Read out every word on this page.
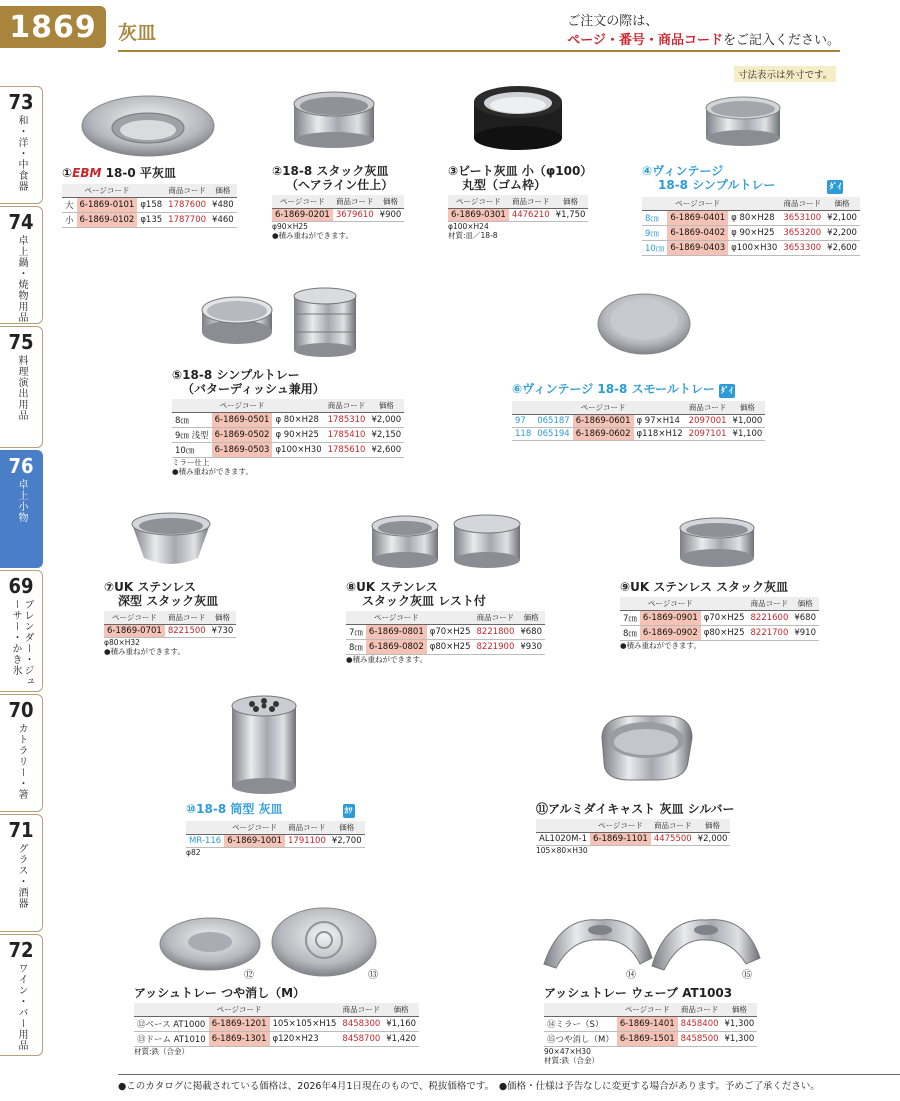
1869	灰皿
ご注文の際は、
ページ・番号・商品コードをご記入ください。
寸法表示は外寸です。
73
和・洋・中食器
74
卓上鍋・焼物用品
75
料理演出用品
76
卓上小物
69
ブレンダー・ジューサー・かき氷
70
カトラリー・箸
71
グラス・酒器
72
ワイン・バー用品
①EBM 18-0 平灰皿
	ページコード		商品コード	価格
大	6-1869-0101	φ158	1787600	¥480
小	6-1869-0102	φ135	1787700	¥460
②18-8 スタック灰皿
（ヘアライン仕上）
ページコード	商品コード	価格
6-1869-0201	3679610	¥900
φ90×H25
●積み重ねができます。
③ビート灰皿 小（φ100）
丸型（ゴム枠）
ページコード	商品コード	価格
6-1869-0301	4476210	¥1,750
φ100×H24
材質:皿／18-8
④ヴィンテージ
18-8 シンプルトレー	ﾀﾞｲ
	ページコード		商品コード	価格
8㎝	6-1869-0401	φ 80×H28	3653100	¥2,100
9㎝	6-1869-0402	φ 90×H25	3653200	¥2,200
10㎝	6-1869-0403	φ100×H30	3653300	¥2,600
⑤18-8 シンプルトレー
（バターディッシュ兼用）
	ページコード		商品コード	価格
8㎝	6-1869-0501	φ 80×H28	1785310	¥2,000
9㎝ 浅型	6-1869-0502	φ 90×H25	1785410	¥2,150
10㎝	6-1869-0503	φ100×H30	1785610	¥2,600
ミラー仕上
●積み重ねができます。
⑥ヴィンテージ 18-8 スモールトレー ﾀﾞｲ
		ページコード		商品コード	価格
97	065187	6-1869-0601	φ 97×H14	2097001	¥1,000
118	065194	6-1869-0602	φ118×H12	2097101	¥1,100
⑦UK ステンレス
深型 スタック灰皿
ページコード	商品コード	価格
6-1869-0701	8221500	¥730
φ80×H32
●積み重ねができます。
⑧UK ステンレス
スタック灰皿 レスト付
	ページコード		商品コード	価格
7㎝	6-1869-0801	φ70×H25	8221800	¥680
8㎝	6-1869-0802	φ80×H25	8221900	¥930
●積み重ねができます。
⑨UK ステンレス スタック灰皿
	ページコード		商品コード	価格
7㎝	6-1869-0901	φ70×H25	8221600	¥680
8㎝	6-1869-0902	φ80×H25	8221700	¥910
●積み重ねができます。
⑩18-8 筒型 灰皿	ｶﾜ
	ページコード	商品コード	価格
MR-116	6-1869-1001	1791100	¥2,700
φ82
⑪アルミダイキャスト 灰皿 シルバー
	ページコード	商品コード	価格
AL1020M-1	6-1869-1101	4475500	¥2,000
105×80×H30
⑫	⑬
アッシュトレー つや消し（M）
	ページコード		商品コード	価格
⑫ベース AT1000	6-1869-1201	105×105×H15	8458300	¥1,160
⑬ドーム AT1010	6-1869-1301	φ120×H23	8458700	¥1,420
材質:鉄（合金）
⑭	⑮
アッシュトレー ウェーブ AT1003
	ページコード	商品コード	価格
⑭ミラー（S）	6-1869-1401	8458400	¥1,300
⑮つや消し（M）	6-1869-1501	8458500	¥1,300
90×47×H30
材質:鉄（合金）
●このカタログに掲載されている価格は、2026年4月1日現在のもので、税抜価格です。　●価格・仕様は予告なしに変更する場合があります。予めご了承ください。
